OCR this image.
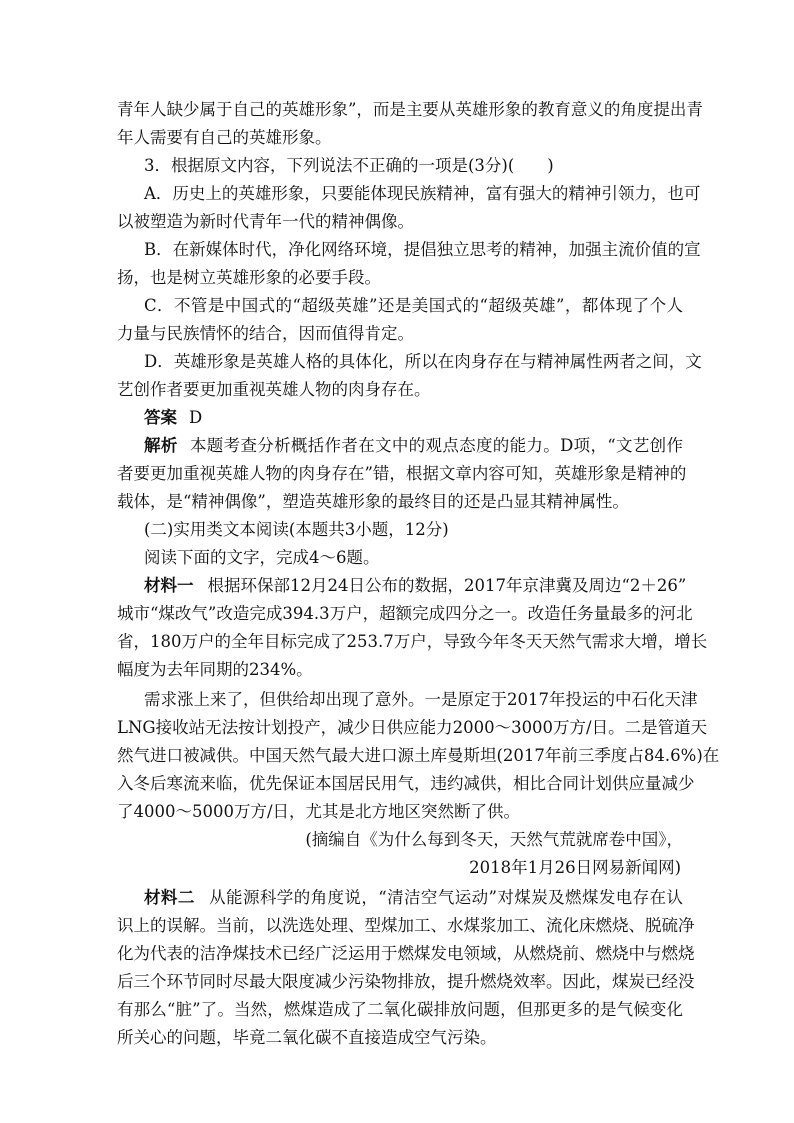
青年人缺少属于自己的英雄形象”，而是主要从英雄形象的教育意义的角度提出青
年人需要有自己的英雄形象。
3．根据原文内容，下列说法不正确的一项是(3分)(　　)
A．历史上的英雄形象，只要能体现民族精神，富有强大的精神引领力，也可
以被塑造为新时代青年一代的精神偶像。
B．在新媒体时代，净化网络环境，提倡独立思考的精神，加强主流价值的宣
扬，也是树立英雄形象的必要手段。
C．不管是中国式的“超级英雄”还是美国式的“超级英雄”，都体现了个人
力量与民族情怀的结合，因而值得肯定。
D．英雄形象是英雄人格的具体化，所以在肉身存在与精神属性两者之间，文
艺创作者要更加重视英雄人物的肉身存在。
答案 D
解析 本题考查分析概括作者在文中的观点态度的能力。D项，“文艺创作
者要更加重视英雄人物的肉身存在”错，根据文章内容可知，英雄形象是精神的
载体，是“精神偶像”，塑造英雄形象的最终目的还是凸显其精神属性。
(二)实用类文本阅读(本题共3小题，12分)
阅读下面的文字，完成4～6题。
材料一 根据环保部12月24日公布的数据，2017年京津冀及周边“2＋26”
城市“煤改气”改造完成394.3万户，超额完成四分之一。改造任务量最多的河北
省，180万户的全年目标完成了253.7万户，导致今年冬天天然气需求大增，增长
幅度为去年同期的234%。
需求涨上来了，但供给却出现了意外。一是原定于2017年投运的中石化天津
LNG接收站无法按计划投产，减少日供应能力2000～3000万方/日。二是管道天
然气进口被减供。中国天然气最大进口源土库曼斯坦(2017年前三季度占84.6%)在
入冬后寒流来临，优先保证本国居民用气，违约减供，相比合同计划供应量减少
了4000～5000万方/日，尤其是北方地区突然断了供。
(摘编自《为什么每到冬天，天然气荒就席卷中国》，
2018年1月26日网易新闻网)
材料二 从能源科学的角度说，“清洁空气运动”对煤炭及燃煤发电存在认
识上的误解。当前，以洗选处理、型煤加工、水煤浆加工、流化床燃烧、脱硫净
化为代表的洁净煤技术已经广泛运用于燃煤发电领域，从燃烧前、燃烧中与燃烧
后三个环节同时尽最大限度减少污染物排放，提升燃烧效率。因此，煤炭已经没
有那么“脏”了。当然，燃煤造成了二氧化碳排放问题，但那更多的是气候变化
所关心的问题，毕竟二氧化碳不直接造成空气污染。
